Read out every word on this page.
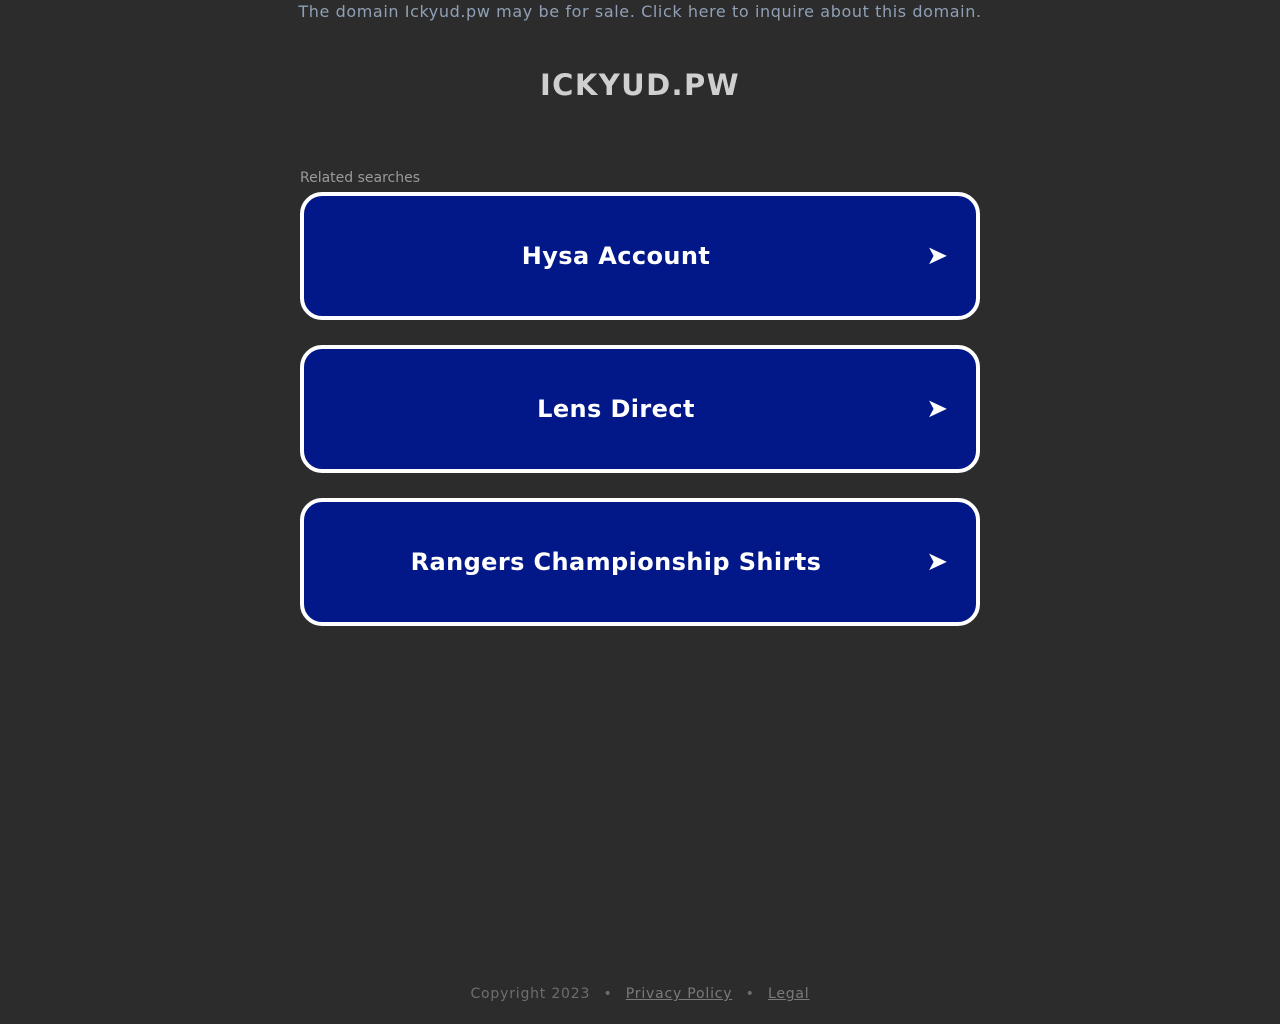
The domain Ickyud.pw may be for sale. Click here to inquire about this domain.
ICKYUD.PW
Related searches
Hysa Account	➤
Lens Direct	➤
Rangers Championship Shirts	➤
Copyright 2023 • Privacy Policy • Legal
